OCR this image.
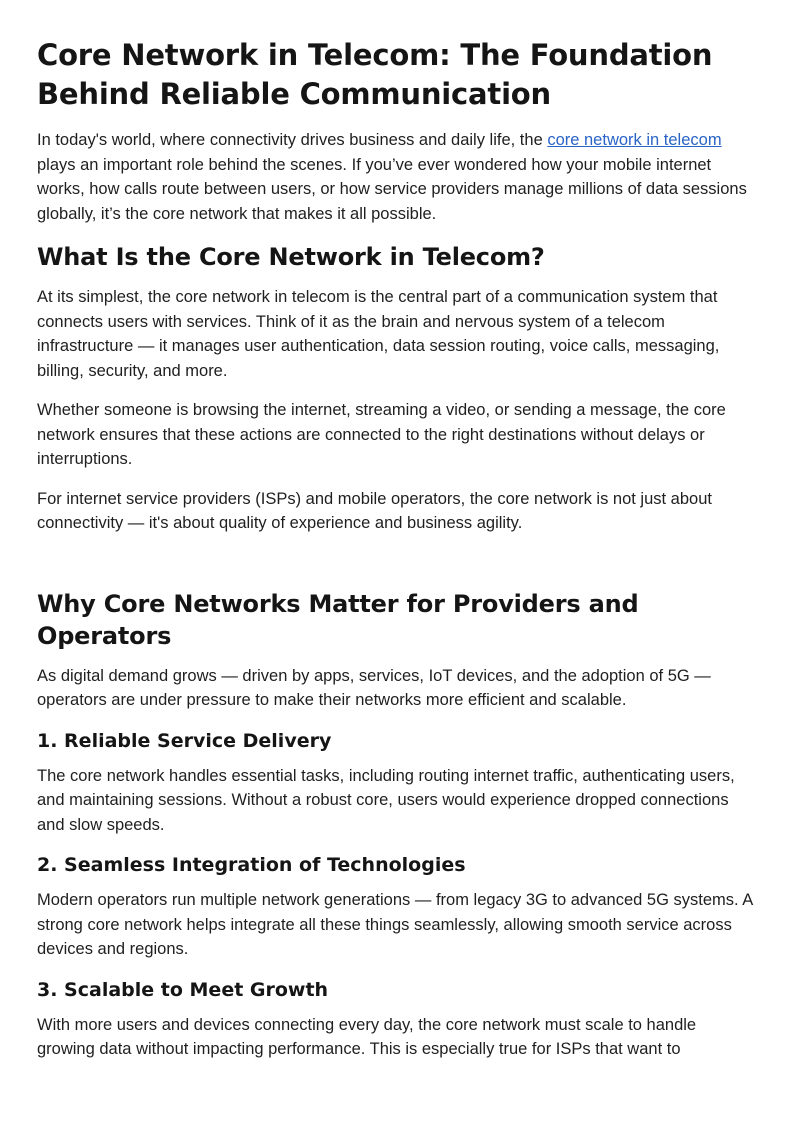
Core Network in Telecom: The Foundation Behind Reliable Communication

In today's world, where connectivity drives business and daily life, the core network in telecom plays an important role behind the scenes. If you’ve ever wondered how your mobile internet works, how calls route between users, or how service providers manage millions of data sessions globally, it’s the core network that makes it all possible.

What Is the Core Network in Telecom?

At its simplest, the core network in telecom is the central part of a communication system that connects users with services. Think of it as the brain and nervous system of a telecom infrastructure — it manages user authentication, data session routing, voice calls, messaging, billing, security, and more.

Whether someone is browsing the internet, streaming a video, or sending a message, the core network ensures that these actions are connected to the right destinations without delays or interruptions.

For internet service providers (ISPs) and mobile operators, the core network is not just about connectivity — it's about quality of experience and business agility.

Why Core Networks Matter for Providers and Operators

As digital demand grows — driven by apps, services, IoT devices, and the adoption of 5G — operators are under pressure to make their networks more efficient and scalable.

1. Reliable Service Delivery

The core network handles essential tasks, including routing internet traffic, authenticating users, and maintaining sessions. Without a robust core, users would experience dropped connections and slow speeds.

2. Seamless Integration of Technologies

Modern operators run multiple network generations — from legacy 3G to advanced 5G systems. A strong core network helps integrate all these things seamlessly, allowing smooth service across devices and regions.

3. Scalable to Meet Growth

With more users and devices connecting every day, the core network must scale to handle growing data without impacting performance. This is especially true for ISPs that want to
